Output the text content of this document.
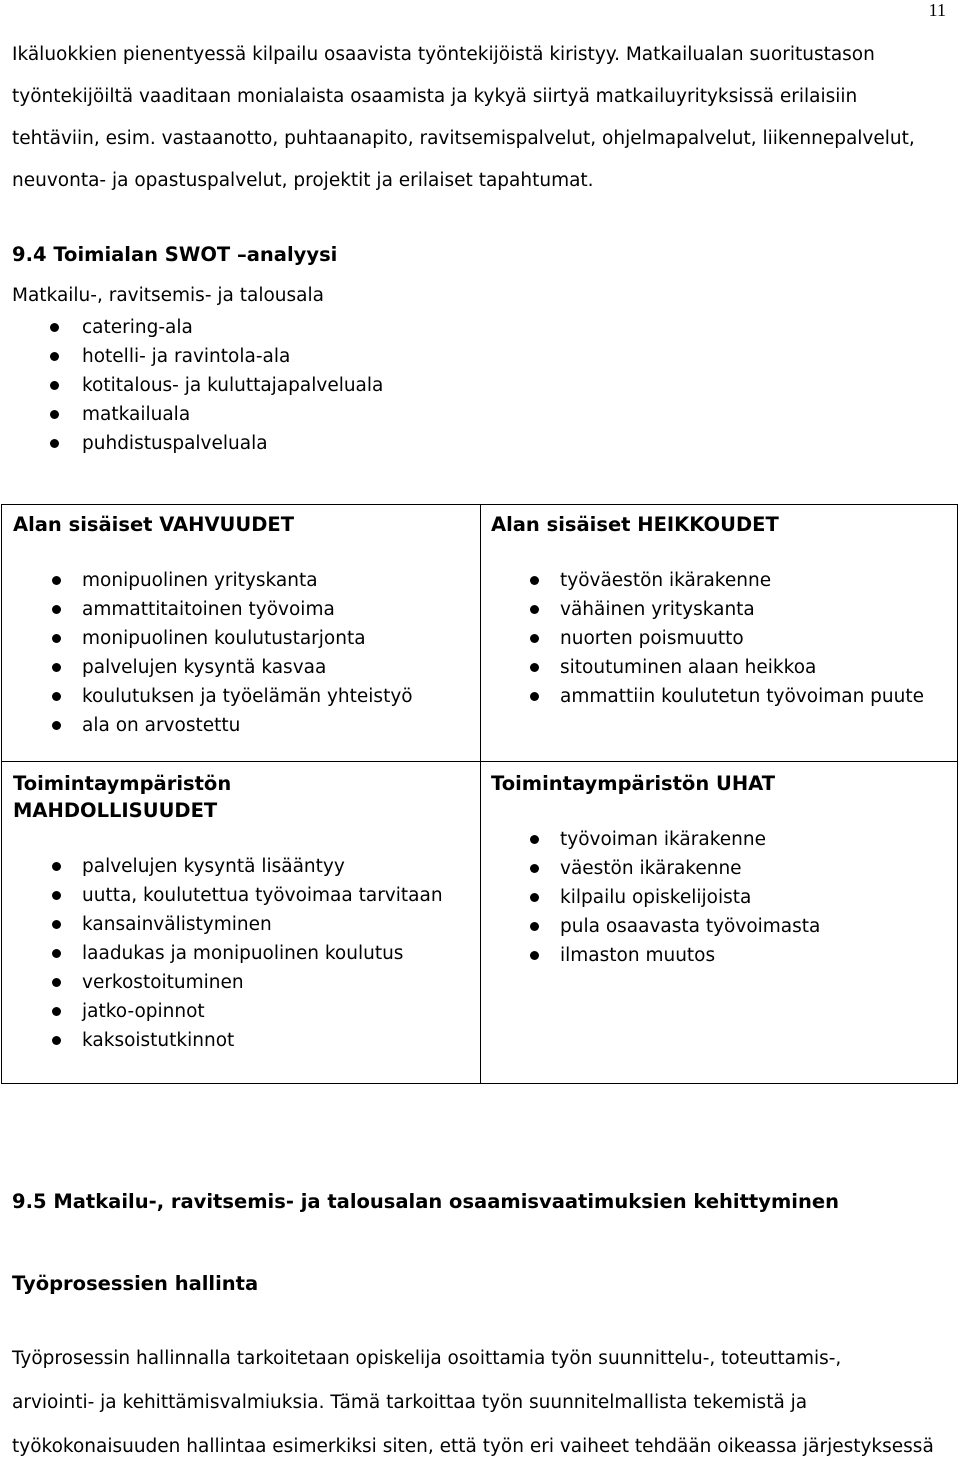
11

Ikäluokkien pienentyessä kilpailu osaavista työntekijöistä kiristyy. Matkailualan suoritustason

työntekijöiltä vaaditaan monialaista osaamista ja kykyä siirtyä matkailuyrityksissä erilaisiin

tehtäviin, esim. vastaanotto, puhtaanapito, ravitsemispalvelut, ohjelmapalvelut, liikennepalvelut,

neuvonta- ja opastuspalvelut, projektit ja erilaiset tapahtumat.

9.4 Toimialan SWOT –analyysi
Matkailu-, ravitsemis- ja talousala
catering-ala
hotelli- ja ravintola-ala
kotitalous- ja kuluttajapalveluala
matkailuala
puhdistuspalveluala
Alan sisäiset VAHVUUDET
monipuolinen yrityskanta
ammattitaitoinen työvoima
monipuolinen koulutustarjonta
palvelujen kysyntä kasvaa
koulutuksen ja työelämän yhteistyö
ala on arvostettu
Alan sisäiset HEIKKOUDET
työväestön ikärakenne
vähäinen yrityskanta
nuorten poismuutto
sitoutuminen alaan heikkoa
ammattiin koulutetun työvoiman puute
Toimintaympäristön
MAHDOLLISUUDET
palvelujen kysyntä lisääntyy
uutta, koulutettua työvoimaa tarvitaan
kansainvälistyminen
laadukas ja monipuolinen koulutus
verkostoituminen
jatko-opinnot
kaksoistutkinnot
Toimintaympäristön UHAT
työvoiman ikärakenne
väestön ikärakenne
kilpailu opiskelijoista
pula osaavasta työvoimasta
ilmaston muutos
9.5 Matkailu-, ravitsemis- ja talousalan osaamisvaatimuksien kehittyminen
Työprosessien hallinta

Työprosessin hallinnalla tarkoitetaan opiskelija osoittamia työn suunnittelu-, toteuttamis-,

arviointi- ja kehittämisvalmiuksia. Tämä tarkoittaa työn suunnitelmallista tekemistä ja

työkokonaisuuden hallintaa esimerkiksi siten, että työn eri vaiheet tehdään oikeassa järjestyksessä
